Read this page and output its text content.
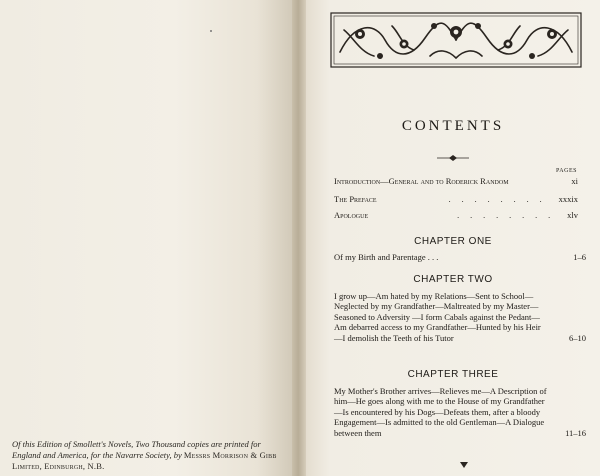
Of this Edition of Smollett's Novels, Two Thousand copies are printed for England and America, for the Navarre Society, by Messrs Morrison & Gibb Limited, Edinburgh, N.B.
CONTENTS
PAGES
Introduction—General and to Roderick Random	xi
The Preface	........ xxxix
Apologue	........ xlv
CHAPTER ONE
Of my Birth and Parentage . . .	1–6
CHAPTER TWO
I grow up—Am hated by my Relations—Sent to School—Neglected by my Grandfather—Maltreated by my Master—Seasoned to Adversity —I form Cabals against the Pedant—Am debarred access to my Grandfather—Hunted by his Heir—I demolish the Teeth of his Tutor	6–10
CHAPTER THREE
My Mother's Brother arrives—Relieves me—A Description of him—He goes along with me to the House of my Grandfather—Is encountered by his Dogs—Defeats them, after a bloody Engagement—Is admitted to the old Gentleman—A Dialogue between them	11–16
